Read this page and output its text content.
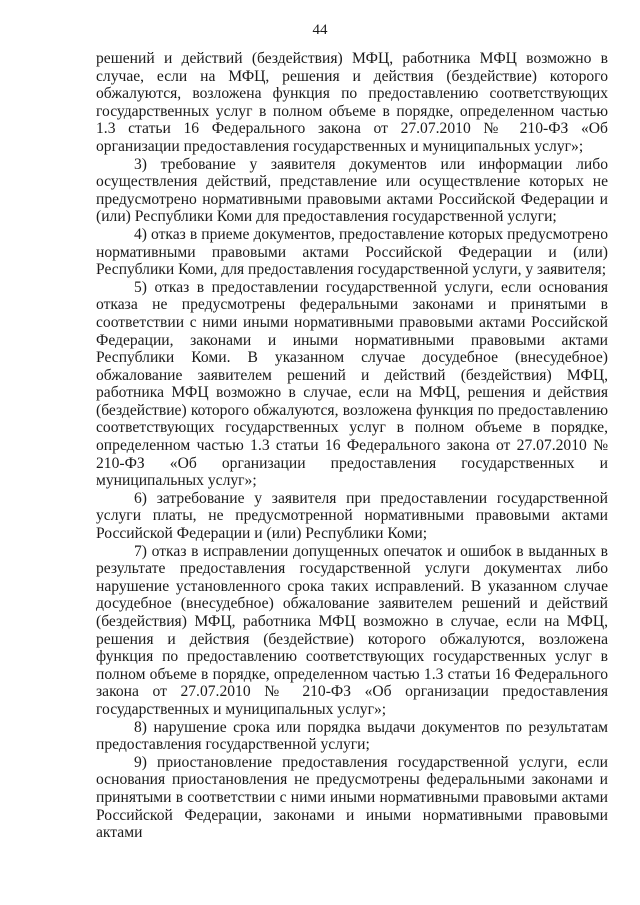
44

решений и действий (бездействия) МФЦ, работника МФЦ возможно в случае, если на МФЦ, решения и действия (бездействие) которого обжалуются, возложена функция по предоставлению соответствующих государственных услуг в полном объеме в порядке, определенном частью 1.3 статьи 16 Федерального закона от 27.07.2010 № 210-ФЗ «Об организации предоставления государственных и муниципальных услуг»;

3) требование у заявителя документов или информации либо осуществления действий, представление или осуществление которых не предусмотрено нормативными правовыми актами Российской Федерации и (или) Республики Коми для предоставления государственной услуги;

4) отказ в приеме документов, предоставление которых предусмотрено нормативными правовыми актами Российской Федерации и (или) Республики Коми, для предоставления государственной услуги, у заявителя;

5) отказ в предоставлении государственной услуги, если основания отказа не предусмотрены федеральными законами и принятыми в соответствии с ними иными нормативными правовыми актами Российской Федерации, законами и иными нормативными правовыми актами Республики Коми. В указанном случае досудебное (внесудебное) обжалование заявителем решений и действий (бездействия) МФЦ, работника МФЦ возможно в случае, если на МФЦ, решения и действия (бездействие) которого обжалуются, возложена функция по предоставлению соответствующих государственных услуг в полном объеме в порядке, определенном частью 1.3 статьи 16 Федерального закона от 27.07.2010 № 210-ФЗ «Об организации предоставления государственных и муниципальных услуг»;

6) затребование у заявителя при предоставлении государственной услуги платы, не предусмотренной нормативными правовыми актами Российской Федерации и (или) Республики Коми;

7) отказ в исправлении допущенных опечаток и ошибок в выданных в результате предоставления государственной услуги документах либо нарушение установленного срока таких исправлений. В указанном случае досудебное (внесудебное) обжалование заявителем решений и действий (бездействия) МФЦ, работника МФЦ возможно в случае, если на МФЦ, решения и действия (бездействие) которого обжалуются, возложена функция по предоставлению соответствующих государственных услуг в полном объеме в порядке, определенном частью 1.3 статьи 16 Федерального закона от 27.07.2010 № 210-ФЗ «Об организации предоставления государственных и муниципальных услуг»;

8) нарушение срока или порядка выдачи документов по результатам предоставления государственной услуги;

9) приостановление предоставления государственной услуги, если основания приостановления не предусмотрены федеральными законами и принятыми в соответствии с ними иными нормативными правовыми актами Российской Федерации, законами и иными нормативными правовыми актами
